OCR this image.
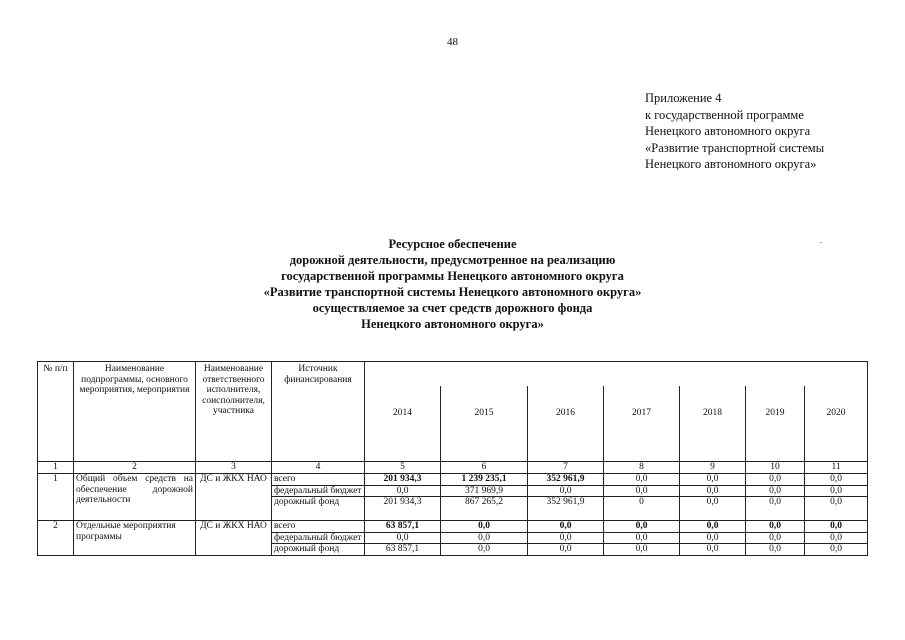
48
Приложение 4
к государственной программе
Ненецкого автономного округа
«Развитие транспортной системы
Ненецкого автономного округа»
.
Ресурсное обеспечение
дорожной деятельности, предусмотренное на реализацию
государственной программы Ненецкого автономного округа
«Развитие транспортной системы Ненецкого автономного округа»
осуществляемое за счет средств дорожного фонда
Ненецкого автономного округа»
№ п/п	Наименование подпрограммы, основного мероприятия, мероприятия	Наименование ответственного исполнителя, соисполнителя, участника	Источник финансирования							
				2014	2015	2016	2017	2018	2019	2020
1	2	3	4	5	6	7	8	9	10	11
1	Общий объем средств на обеспечение дорожной деятельности	ДС и ЖКХ НАО	всего	201 934,3	1 239 235,1	352 961,9	0,0	0,0	0,0	0,0
			федеральный бюджет	0,0	371 969,9	0,0	0,0	0,0	0,0	0,0
			дорожный фонд	201 934,3	867 265,2	352 961,9	0	0,0	0,0	0,0
2	Отдельные мероприятия программы	ДС и ЖКХ НАО	всего	63 857,1	0,0	0,0	0,0	0,0	0,0	0,0
			федеральный бюджет	0,0	0,0	0,0	0,0	0,0	0,0	0,0
			дорожный фонд	63 857,1	0,0	0,0	0,0	0,0	0,0	0,0
